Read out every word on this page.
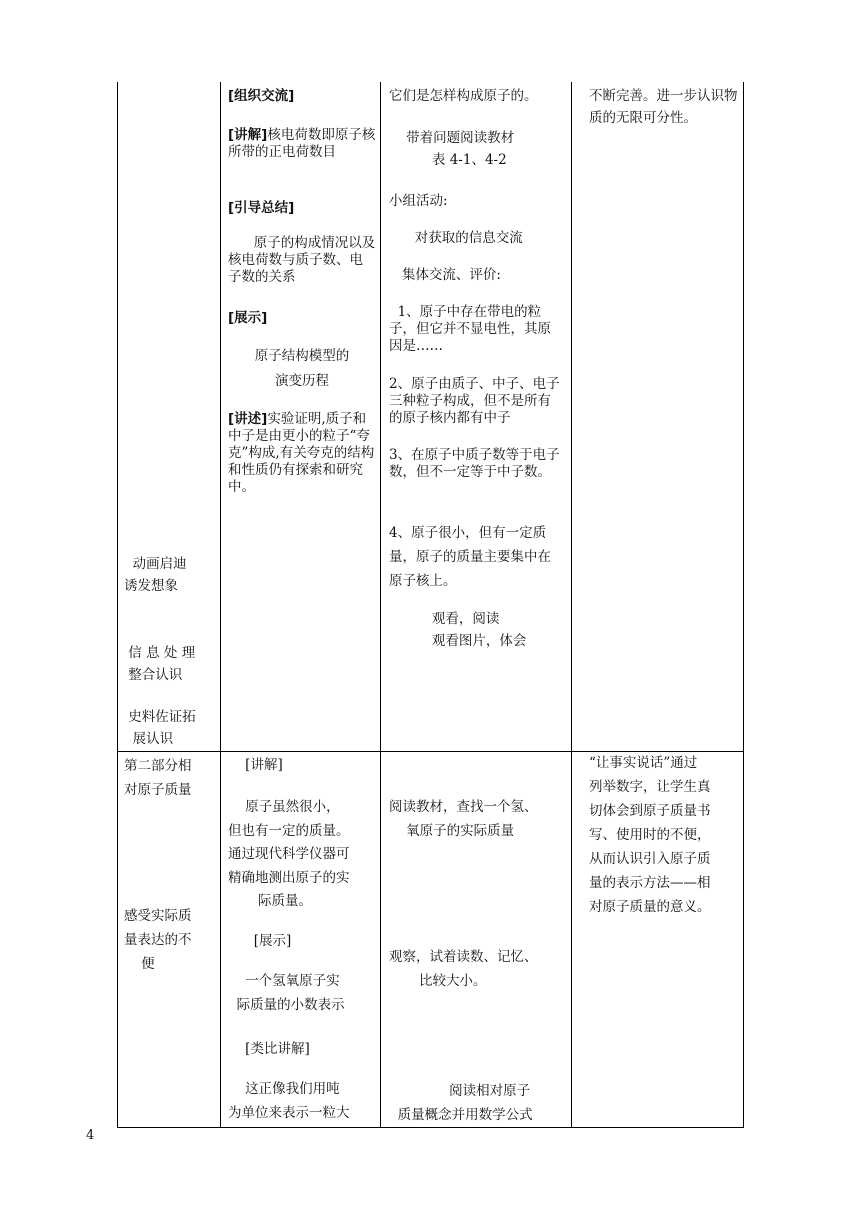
动画启迪
诱发想象
信 息 处 理
整合认识
史料佐证拓
展认识
[组织交流]
[讲解]核电荷数即原子核所带的正电荷数目
[引导总结]
原子的构成情况以及核电荷数与质子数、电子数的关系
[展示]
原子结构模型的
演变历程
[讲述]实验证明,质子和中子是由更小的粒子“夸克”构成,有关夸克的结构和性质仍有探索和研究中。
它们是怎样构成原子的。
带着问题阅读教材
表 4-1、4-2
小组活动:
对获取的信息交流
集体交流、评价:
1、原子中存在带电的粒子，但它并不显电性，其原因是……
2、原子由质子、中子、电子三种粒子构成，但不是所有的原子核内都有中子
3、在原子中质子数等于电子数，但不一定等于中子数。
4、原子很小，但有一定质量，原子的质量主要集中在原子核上。
观看，阅读
观看图片，体会
不断完善。进一步认识物质的无限可分性。
第二部分相
对原子质量
感受实际质
量表达的不
便
[讲解]
原子虽然很小，
但也有一定的质量。
通过现代科学仪器可
精确地测出原子的实
际质量。
[展示]
一个氢氧原子实
际质量的小数表示
[类比讲解]
这正像我们用吨
为单位来表示一粒大
阅读教材，查找一个氢、
氧原子的实际质量
观察，试着读数、记忆、
比较大小。
阅读相对原子
质量概念并用数学公式
“让事实说话”通过
列举数字，让学生真
切体会到原子质量书
写、使用时的不便，
从而认识引入原子质
量的表示方法——相
对原子质量的意义。
4
